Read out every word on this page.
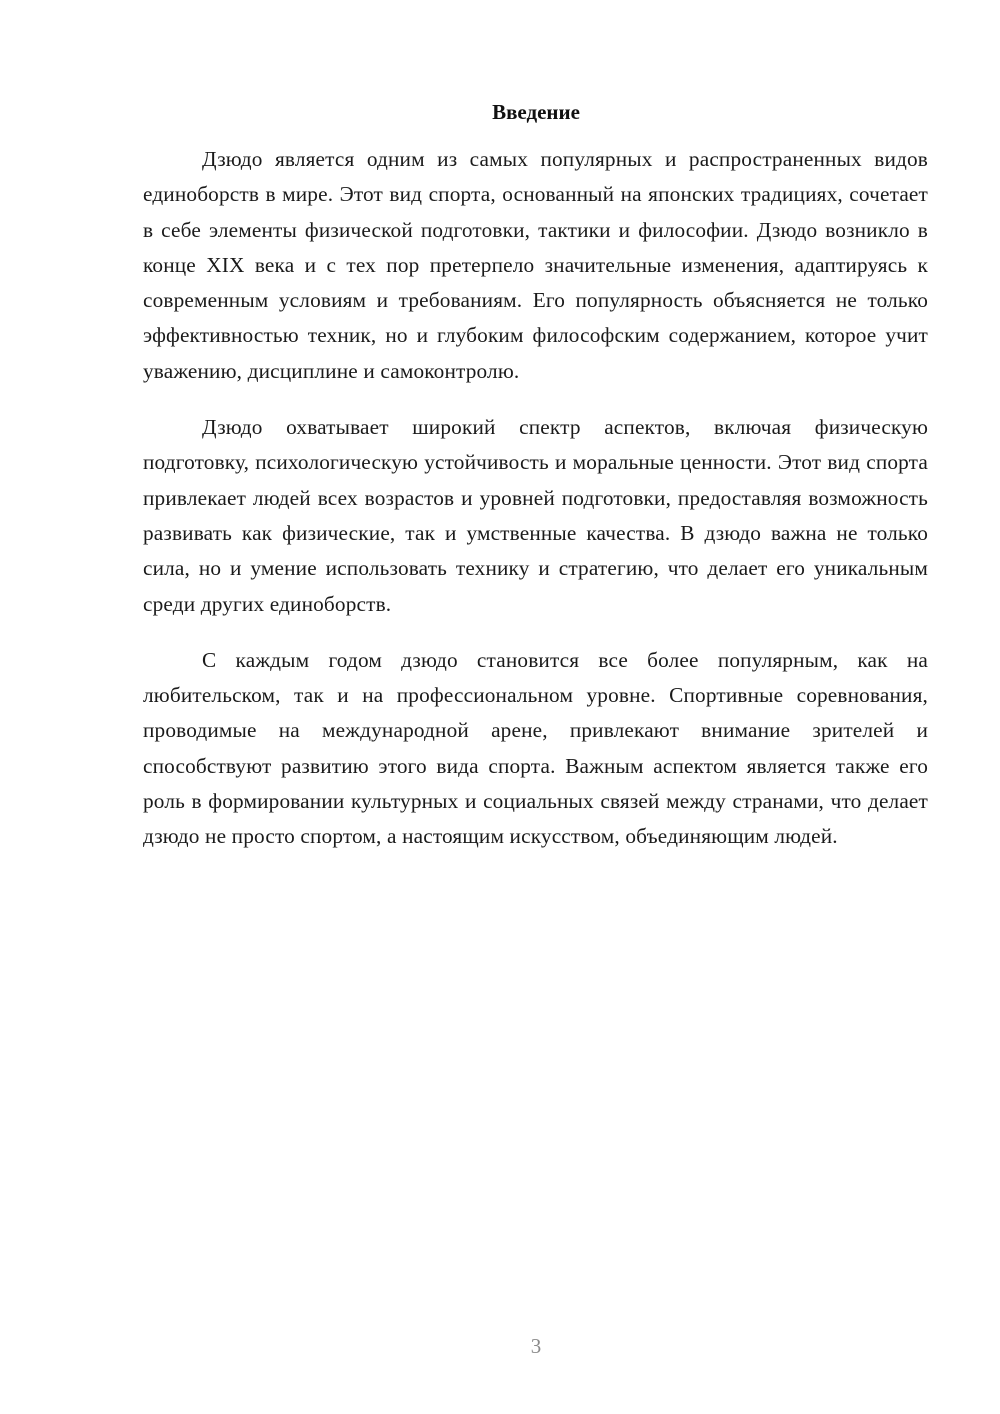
Введение

Дзюдо является одним из самых популярных и распространенных видов единоборств в мире. Этот вид спорта, основанный на японских традициях, сочетает в себе элементы физической подготовки, тактики и философии. Дзюдо возникло в конце XIX века и с тех пор претерпело значительные изменения, адаптируясь к современным условиям и требованиям. Его популярность объясняется не только эффективностью техник, но и глубоким философским содержанием, которое учит уважению, дисциплине и самоконтролю.

Дзюдо охватывает широкий спектр аспектов, включая физическую подготовку, психологическую устойчивость и моральные ценности. Этот вид спорта привлекает людей всех возрастов и уровней подготовки, предоставляя возможность развивать как физические, так и умственные качества. В дзюдо важна не только сила, но и умение использовать технику и стратегию, что делает его уникальным среди других единоборств.

С каждым годом дзюдо становится все более популярным, как на любительском, так и на профессиональном уровне. Спортивные соревнования, проводимые на международной арене, привлекают внимание зрителей и способствуют развитию этого вида спорта. Важным аспектом является также его роль в формировании культурных и социальных связей между странами, что делает дзюдо не просто спортом, а настоящим искусством, объединяющим людей.

3
